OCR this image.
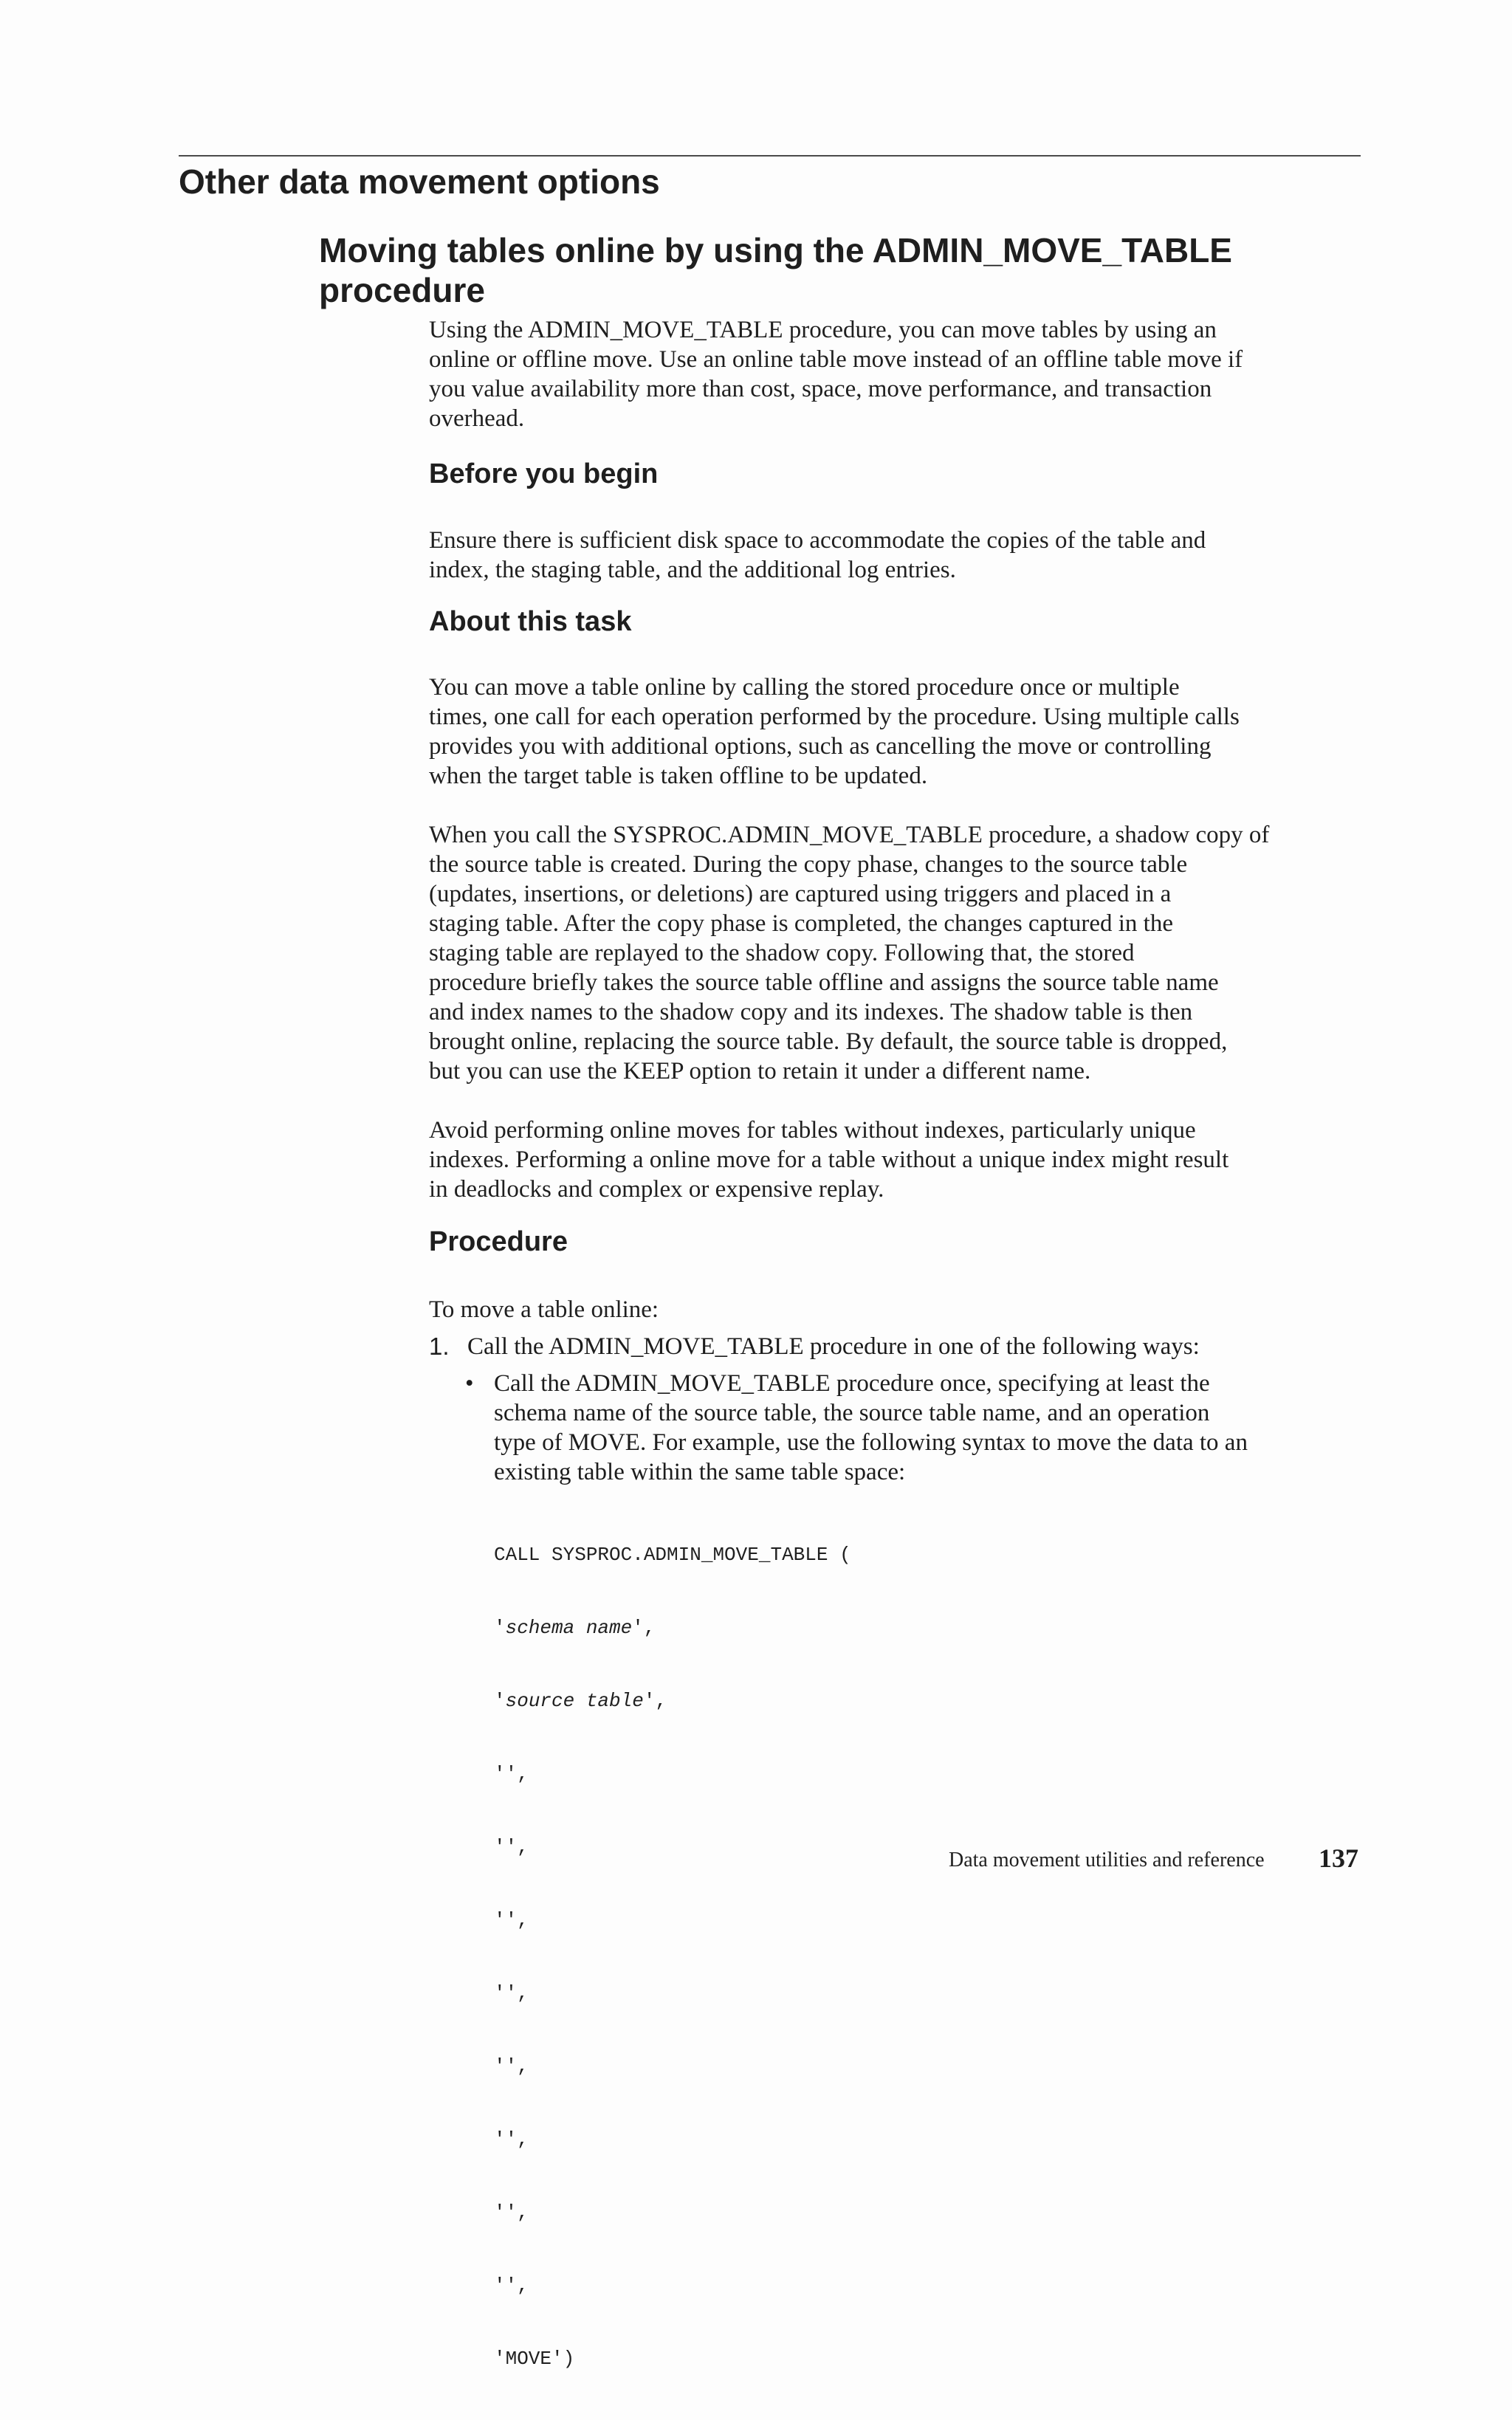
Other data movement options
Moving tables online by using the ADMIN_MOVE_TABLE procedure

Using the ADMIN_MOVE_TABLE procedure, you can move tables by using an
online or offline move. Use an online table move instead of an offline table move if
you value availability more than cost, space, move performance, and transaction
overhead.

Before you begin

Ensure there is sufficient disk space to accommodate the copies of the table and
index, the staging table, and the additional log entries.

About this task

You can move a table online by calling the stored procedure once or multiple
times, one call for each operation performed by the procedure. Using multiple calls
provides you with additional options, such as cancelling the move or controlling
when the target table is taken offline to be updated.

When you call the SYSPROC.ADMIN_MOVE_TABLE procedure, a shadow copy of
the source table is created. During the copy phase, changes to the source table
(updates, insertions, or deletions) are captured using triggers and placed in a
staging table. After the copy phase is completed, the changes captured in the
staging table are replayed to the shadow copy. Following that, the stored
procedure briefly takes the source table offline and assigns the source table name
and index names to the shadow copy and its indexes. The shadow table is then
brought online, replacing the source table. By default, the source table is dropped,
but you can use the KEEP option to retain it under a different name.

Avoid performing online moves for tables without indexes, particularly unique
indexes. Performing a online move for a table without a unique index might result
in deadlocks and complex or expensive replay.

Procedure

To move a table online:

1. Call the ADMIN_MOVE_TABLE procedure in one of the following ways:
• Call the ADMIN_MOVE_TABLE procedure once, specifying at least the
schema name of the source table, the source table name, and an operation
type of MOVE. For example, use the following syntax to move the data to an
existing table within the same table space:

CALL SYSPROC.ADMIN_MOVE_TABLE (

'schema name',

'source table',

'',

'',

'',

'',

'',

'',

'',

'',

'MOVE')

Data movement utilities and reference 137
